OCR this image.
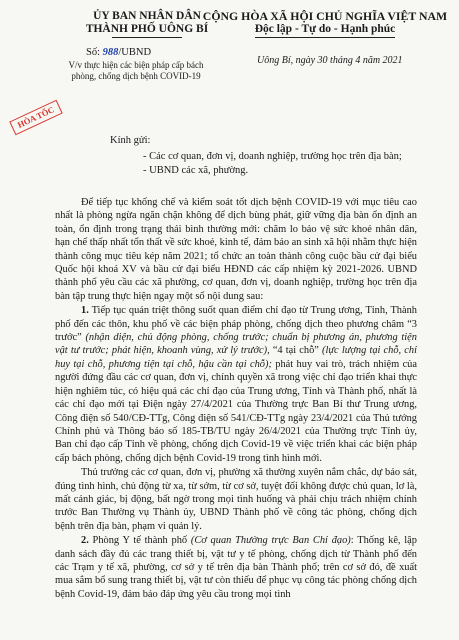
ỦY BAN NHÂN DÂN
THÀNH PHỐ UÔNG BÍ
CỘNG HÒA XÃ HỘI CHỦ NGHĨA VIỆT NAM
Độc lập - Tự do - Hạnh phúc
Số: 988/UBND
V/v thực hiện các biện pháp cấp bách
phòng, chống dịch bệnh COVID-19
Uông Bí, ngày 30 tháng 4 năm 2021
HỎA TỐC
Kính gửi:
- Các cơ quan, đơn vị, doanh nghiệp, trường học trên địa bàn;
- UBND các xã, phường.

Để tiếp tục khống chế và kiểm soát tốt dịch bệnh COVID-19 với mục tiêu cao nhất là phòng ngừa ngăn chặn không để dịch bùng phát, giữ vững địa bàn ổn định an toàn, ổn định trong trạng thái bình thường mới: chăm lo bảo vệ sức khoẻ nhân dân, hạn chế thấp nhất tổn thất về sức khoẻ, kinh tế, đảm bảo an sinh xã hội nhằm thực hiện thành công mục tiêu kép năm 2021; tổ chức an toàn thành công cuộc bầu cử đại biểu Quốc hội khoá XV và bầu cử đại biểu HĐND các cấp nhiệm kỳ 2021-2026. UBND thành phố yêu cầu các xã phường, cơ quan, đơn vị, doanh nghiệp, trường học trên địa bàn tập trung thực hiện ngay một số nội dung sau:

1. Tiếp tục quán triệt thông suốt quan điểm chỉ đạo từ Trung ương, Tỉnh, Thành phố đến các thôn, khu phố về các biện pháp phòng, chống dịch theo phương châm “3 trước” (nhận diện, chủ động phòng, chống trước; chuẩn bị phương án, phương tiện vật tư trước; phát hiện, khoanh vùng, xử lý trước), “4 tại chỗ” (lực lượng tại chỗ, chỉ huy tại chỗ, phương tiện tại chỗ, hậu cần tại chỗ); phát huy vai trò, trách nhiệm của người đứng đầu các cơ quan, đơn vị, chính quyền xã trong việc chỉ đạo triển khai thực hiện nghiêm túc, có hiệu quả các chỉ đạo của Trung ương, Tỉnh và Thành phố, nhất là các chỉ đạo mới tại Điện ngày 27/4/2021 của Thường trực Ban Bí thư Trung ương, Công điện số 540/CĐ-TTg, Công điện số 541/CĐ-TTg ngày 23/4/2021 của Thủ tướng Chính phủ và Thông báo số 185-TB/TU ngày 26/4/2021 của Thường trực Tỉnh ủy, Ban chỉ đạo cấp Tỉnh về phòng, chống dịch Covid-19 về việc triển khai các biện pháp cấp bách phòng, chống dịch bệnh Covid-19 trong tình hình mới.

Thủ trưởng các cơ quan, đơn vị, phường xã thường xuyên nắm chắc, dự báo sát, đúng tình hình, chủ động từ xa, từ sớm, từ cơ sở, tuyệt đối không được chủ quan, lơ là, mất cảnh giác, bị động, bất ngờ trong mọi tình huống và phải chịu trách nhiệm chính trước Ban Thường vụ Thành ủy, UBND Thành phố về công tác phòng, chống dịch bệnh trên địa bàn, phạm vi quản lý.

2. Phòng Y tế thành phố (Cơ quan Thường trực Ban Chỉ đạo): Thống kê, lập danh sách đầy đủ các trang thiết bị, vật tư y tế phòng, chống dịch từ Thành phố đến các Trạm y tế xã, phường, cơ sở y tế trên địa bàn Thành phố; trên cơ sở đó, đề xuất mua sắm bổ sung trang thiết bị, vật tư còn thiếu để phục vụ công tác phòng chống dịch bệnh Covid-19, đảm bảo đáp ứng yêu cầu trong mọi tình
